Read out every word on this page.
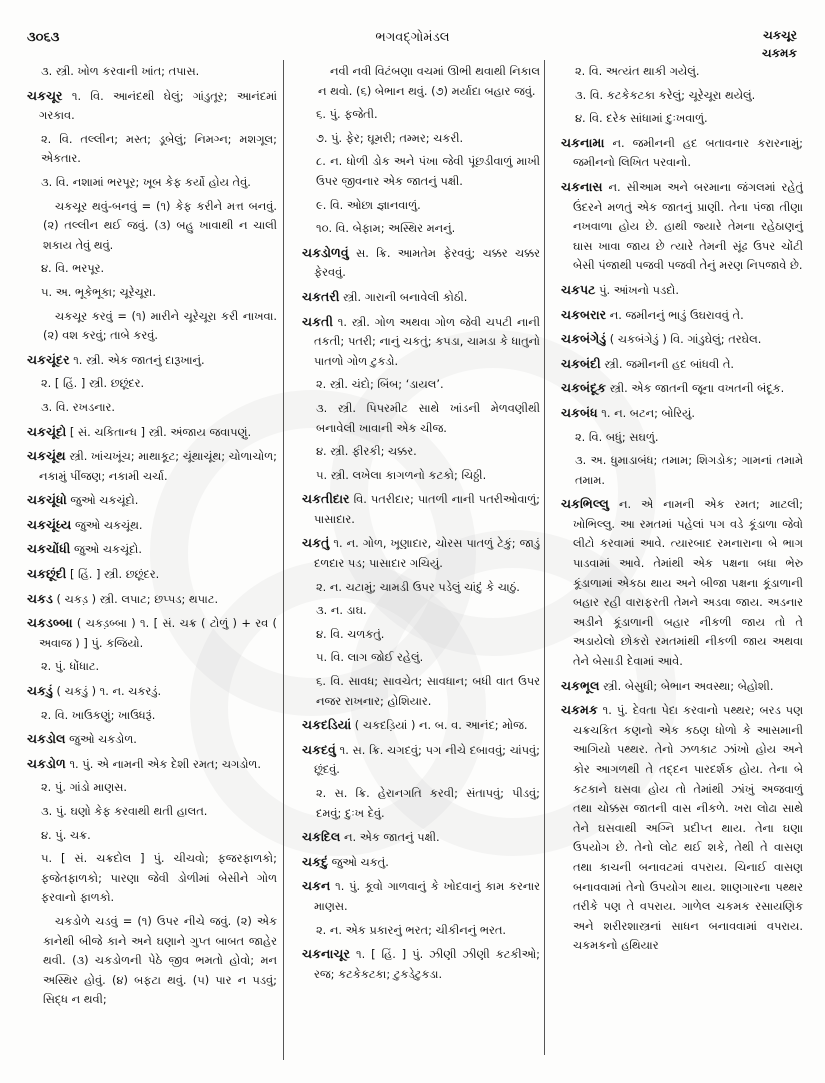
૩૦૬૩	ભગવદ્ગોમંડલ	ચકચૂર
ચકમક

૩. સ્ત્રી. ખોળ કરવાની ખાંત; તપાસ.

ચકચૂર ૧. વિ. આનંદથી ઘેલું; ગાંડુતૂર; આનંદમાં ગરકાવ.

૨. વિ. તલ્લીન; મસ્ત; ડૂબેલું; નિમગ્ન; મશગૂલ; એકતાર.

૩. વિ. નશામાં ભરપૂર; ખૂબ કેફ કર્યો હોય તેવું.

ચકચૂર થવું-બનવું = (૧) કેફ કરીને મત્ત બનવું. (૨) તલ્લીન થઈ જવું. (૩) બહુ ખાવાથી ન ચાલી શકાય તેવું થવું.

૪. વિ. ભરપૂર.

૫. અ. ભૂકેભૂકા; ચૂરેચૂરા.

ચકચૂર કરવું = (૧) મારીને ચૂરેચૂરા કરી નાખવા. (૨) વશ કરવું; તાબે કરવું.

ચકચૂંદર ૧. સ્ત્રી. એક જાતનું દારૂખાનું.

૨. [ હિં. ] સ્ત્રી. છછૂંદર.

૩. વિ. રખડનાર.

ચકચૂંદો [ સં. ચકિતાન્ધ ] સ્ત્રી. અંજાય જવાપણું.

ચકચૂંથ સ્ત્રી. ખાંચખૂંચ; માથાકૂટ; ચૂંથાચૂંથ; ચોળાચોળ; નકામું પીંજણ; નકામી ચર્ચા.

ચકચૂંધો જુઓ ચકચૂંદો.

ચકચૂંધ્ય જુઓ ચકચૂંથ.

ચકચોંધી જુઓ ચકચૂંદો.

ચકછૂંદી [ હિં. ] સ્ત્રી. છછૂંદર.

ચકડ ( ચકડ઼ ) સ્ત્રી. લપાટ; છપ્પડ; થપાટ.

ચકડબ્બા ( ચકડ઼બ્બા ) ૧. [ સં. ચક્ર ( ટોળું ) + રવ ( અવાજ ) ] પું. કજિયો.

૨. પું. ધોંધાટ.

ચકડું ( ચકડ઼ું ) ૧. ન. ચકરડું.

૨. વિ. ખાઉકણું; ખાઉધરૂં.

ચકડોલ જુઓ ચકડોળ.

ચકડોળ ૧. પું. એ નામની એક દેશી રમત; ચગડોળ.

૨. પું. ગાંડો માણસ.

૩. પું. ઘણો કેફ કરવાથી થતી હાલત.

૪. પું. ચક્ર.

૫. [ સં. ચક્રદોલ ] પું. ચીચવો; ફજરફાળકો; ફજેતફાળકો; પારણા જેવી ડોળીમાં બેસીને ગોળ ફરવાનો ફાળકો.

ચકડોળે ચડવું = (૧) ઉપર નીચે જવું. (૨) એક કાનેથી બીજે કાને અને ઘણાને ગુપ્ત બાબત જાહેર થવી. (૩) ચકડોળની પેઠે જીવ ભમતો હોવો; મન અસ્થિર હોવું. (૪) બફટા થવું. (૫) પાર ન પડવું; સિદ્ધ ન થવી;

નવી નવી વિટંબણા વચમાં ઊભી થવાથી નિકાલ ન થવો. (૬) બેભાન થવું. (૭) મર્યાદા બહાર જવું.

૬. પું. ફજેતી.

૭. પું. ફેર; ઘૂમરી; તમ્મર; ચકરી.

૮. ન. ધોળી ડોક અને પંખા જેવી પૂંછડીવાળું માખી ઉપર જીવનાર એક જાતનું પક્ષી.

૯. વિ. ઓછા જ્ઞાનવાળું.

૧૦. વિ. બેફામ; અસ્થિર મનનું.

ચકડોળવું સ. ક્રિ. આમતેમ ફેરવવું; ચક્કર ચક્કર ફેરવવું.

ચકતરી સ્ત્રી. ગારાની બનાવેલી કોઠી.

ચકતી ૧. સ્ત્રી. ગોળ અથવા ગોળ જેવી ચપટી નાની તકતી; પતરી; નાનું ચકતું; કપડા, ચામડા કે ધાતુનો પાતળો ગોળ ટુકડો.

૨. સ્ત્રી. ચંદો; બિંબ; ‘ડાયલ’.

૩. સ્ત્રી. પિપરમીટ સાથે ખાંડની મેળવણીથી બનાવેલી ખાવાની એક ચીજ.

૪. સ્ત્રી. ફીરકી; ચક્કર.

૫. સ્ત્રી. લખેલા કાગળનો કટકો; ચિઠ્ઠી.

ચકતીદાર વિ. પતરીદાર; પાતળી નાની પતરીઓવાળું; પાસાદાર.

ચકતું ૧. ન. ગોળ, ખૂણાદાર, ચોરસ પાતળું ટેકું; જાડું દળદાર પડ; પાસાદાર ગચિયું.

૨. ન. ચટામું; ચામડી ઉપર પડેલું ચાંદું કે ચાઠું.

૩. ન. ડાઘ.

૪. વિ. ચળકતું.

૫. વિ. લાગ જોઈ રહેલું.

૬. વિ. સાવધ; સાવચેત; સાવધાન; બધી વાત ઉપર નજર રાખનાર; હોશિયાર.

ચકદડિયાં ( ચકદડ઼િયાં ) ન. બ. વ. આનંદ; મોજ.

ચકદવું ૧. સ. ક્રિ. ચગદવું; પગ નીચે દબાવવું; ચાંપવું; છૂંદવું.

૨. સ. ક્રિ. હેરાનગતિ કરવી; સંતાપવું; પીડવું; દમવું; દુઃખ દેવું.

ચકદિલ ન. એક જાતનું પક્ષી.

ચકદું જુઓ ચકતું.

ચકન ૧. પું. કૂવો ગાળવાનું કે ખોદવાનું કામ કરનાર માણસ.

૨. ન. એક પ્રકારનું ભરત; ચીકીનનું ભરત.

ચકનાચૂર ૧. [ હિં. ] પું. ઝીણી ઝીણી કટકીઓ; રજ; કટકેકટકા; ટુકડેટુકડા.

૨. વિ. અત્યંત થાકી ગયેલું.

૩. વિ. કટકેકટકા કરેલું; ચૂરેચૂરા થયેલું.

૪. વિ. દરેક સાંધામાં દુઃખવાળું.

ચકનામા ન. જમીનની હદ બતાવનાર કરારનામું; જમીનનો લિખિત પરવાનો.

ચકનાસ ન. સીઆમ અને બરમાના જંગલમાં રહેતું ઉંદરને મળતું એક જાતનું પ્રાણી. તેના પંજા તીણા નખવાળા હોય છે. હાથી જ્યારે તેમના રહેઠાણનું ઘાસ ખાવા જાય છે ત્યારે તેમની સૂંઢ ઉપર ચોંટી બેસી પંજાથી પજવી પજવી તેનું મરણ નિપજાવે છે.

ચકપટ પું. આંખનો પડદો.

ચકબરાર ન. જમીનનું ભાડું ઉઘરાવવું તે.

ચકબંગેડું ( ચકબંગેડ઼ું ) વિ. ગાંડુઘેલું; તરઘેલ.

ચકબંદી સ્ત્રી. જમીનની હદ બાંધવી તે.

ચકબંદૂક સ્ત્રી. એક જાતની જૂના વખતની બંદૂક.

ચકબંધ ૧. ન. બટન; બોરિયું.

૨. વિ. બધું; સઘળું.

૩. અ. ધુમાડાબંધ; તમામ; શિગડોક; ગામનાં તમામે તમામ.

ચકભિલ્લુ ન. એ નામની એક રમત; માટલી; ખોભિલ્લુ. આ રમતમાં પહેલાં પગ વડે કૂંડાળા જેવો લીટો કરવામાં આવે. ત્યારબાદ રમનારાના બે ભાગ પાડવામાં આવે. તેમાંથી એક પક્ષના બધા ભેરુ કૂંડાળામાં એકઠા થાય અને બીજા પક્ષના કૂંડાળાની બહાર રહી વારાફરતી તેમને અડવા જાય. અડનાર અડીને કૂંડાળાની બહાર નીકળી જાય તો તે અડાયેલો છોકરો રમતમાંથી નીકળી જાય અથવા તેને બેસાડી દેવામાં આવે.

ચકભૂલ સ્ત્રી. બેસુધી; બેભાન અવસ્થા; બેહોશી.

ચકમક ૧. પું. દેવતા પેદા કરવાનો પથ્થર; બરડ પણ ચક્રચકિત કણનો એક કઠણ ધોળો કે આસમાની આગિયો પથ્થર. તેનો ઝળકાટ ઝાંખો હોય અને કોર આગળથી તે તદ્દન પારદર્શક હોય. તેના બે કટકાને ઘસવા હોય તો તેમાંથી ઝાંખું અજવાળું તથા ચોક્કસ જાતની વાસ નીકળે. ખરા લોઢા સાથે તેને ઘસવાથી અગ્નિ પ્રદીપ્ત થાય. તેના ઘણા ઉપયોગ છે. તેનો લોટ થઈ શકે, તેથી તે વાસણ તથા કાચની બનાવટમાં વપરાય. ચિનાઈ વાસણ બનાવવામાં તેનો ઉપયોગ થાય. શાણગારના પથ્થર તરીકે પણ તે વપરાય. ગાળેલ ચકમક રસાયણિક અને શરીરશાસ્ત્રનાં સાધન બનાવવામાં વપરાય. ચકમકનો હથિયાર
